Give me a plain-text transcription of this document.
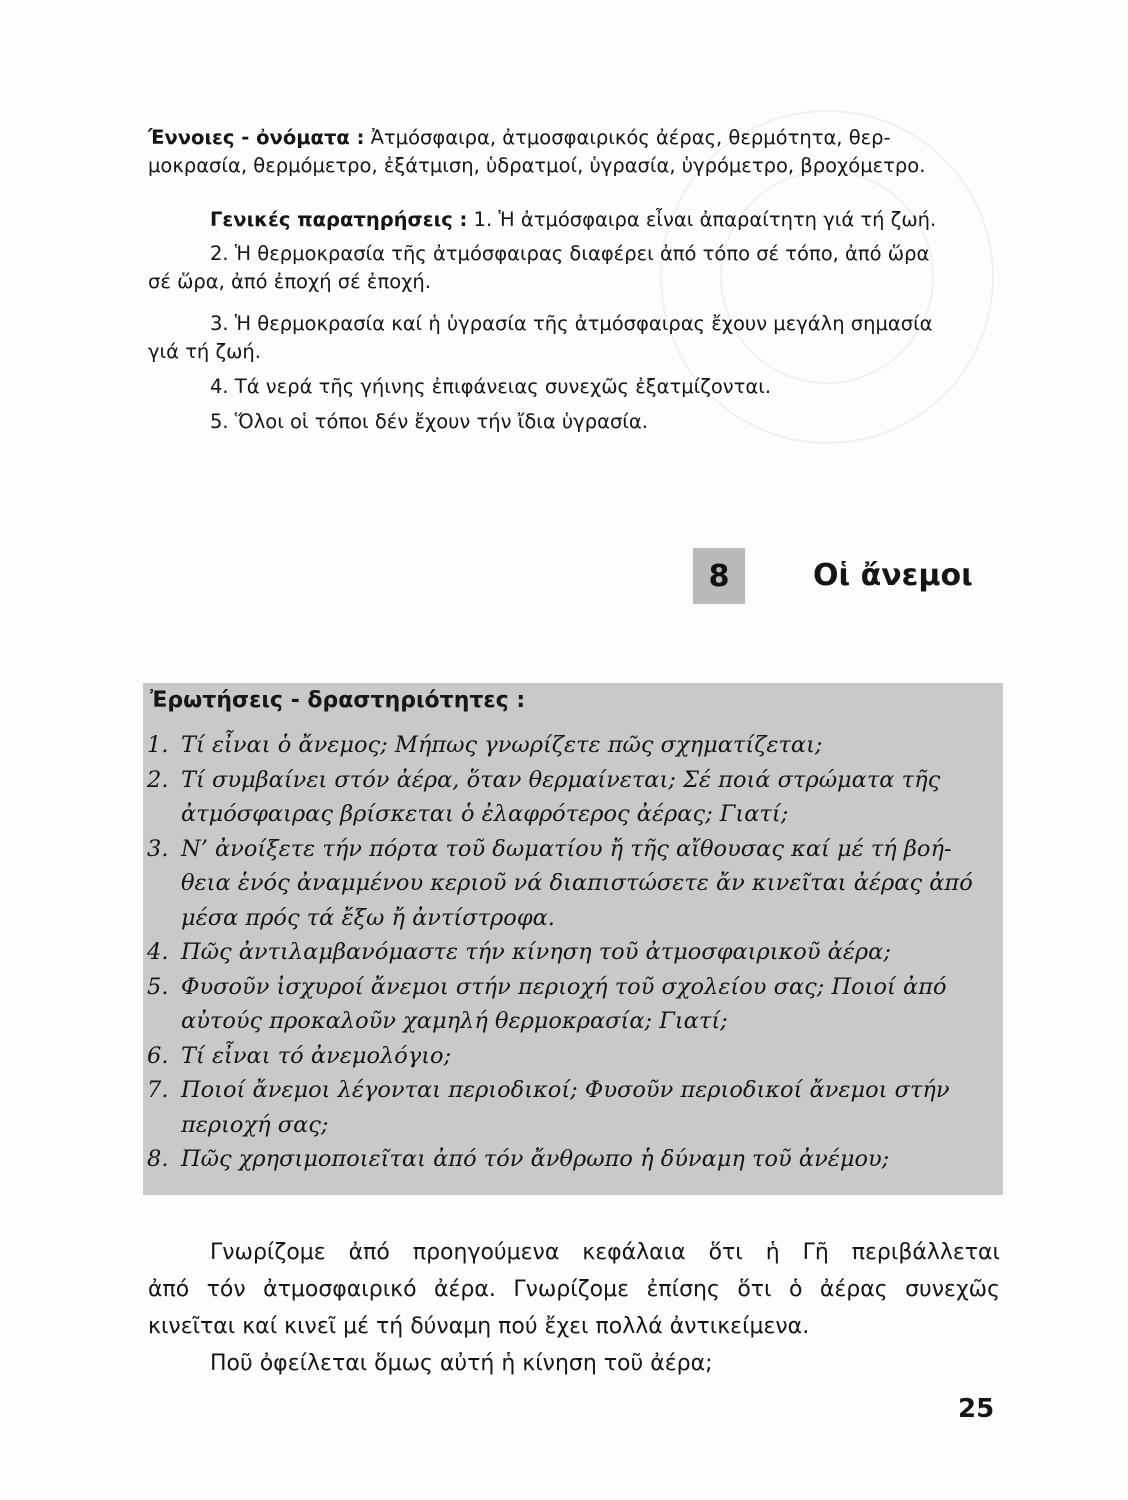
Έννοιες - ὀνόματα : Ἀτμόσφαιρα, ἀτμοσφαιρικός ἀέρας, θερμότητα, θερ-

μοκρασία, θερμόμετρο, ἐξάτμιση, ὑδρατμοί, ὑγρασία, ὑγρόμετρο, βροχόμετρο.

Γενικές παρατηρήσεις : 1. Ἡ ἀτμόσφαιρα εἶναι ἀπαραίτητη γιά τή ζωή.

2. Ἡ θερμοκρασία τῆς ἀτμόσφαιρας διαφέρει ἀπό τόπο σέ τόπο, ἀπό ὥρα

σέ ὥρα, ἀπό ἐποχή σέ ἐποχή.

3. Ἡ θερμοκρασία καί ἡ ὑγρασία τῆς ἀτμόσφαιρας ἔχουν μεγάλη σημασία

γιά τή ζωή.

4. Τά νερά τῆς γήινης ἐπιφάνειας συνεχῶς ἐξατμίζονται.

5. Ὅλοι οἱ τόποι δέν ἔχουν τήν ἴδια ὑγρασία.

8	Οἱ ἄνεμοι
Ἐρωτήσεις - δραστηριότητες :
1. Τί εἶναι ὁ ἄνεμος; Μήπως γνωρίζετε πῶς σχηματίζεται;
2. Τί συμβαίνει στόν ἀέρα, ὅταν θερμαίνεται; Σέ ποιά στρώματα τῆς
ἀτμόσφαιρας βρίσκεται ὁ ἐλαφρότερος ἀέρας; Γιατί;
3. Ν’ ἀνοίξετε τήν πόρτα τοῦ δωματίου ἤ τῆς αἴθουσας καί μέ τή βοή-
θεια ἑνός ἀναμμένου κεριοῦ νά διαπιστώσετε ἄν κινεῖται ἀέρας ἀπό
μέσα πρός τά ἔξω ἤ ἀντίστροφα.
4. Πῶς ἀντιλαμβανόμαστε τήν κίνηση τοῦ ἀτμοσφαιρικοῦ ἀέρα;
5. Φυσοῦν ἰσχυροί ἄνεμοι στήν περιοχή τοῦ σχολείου σας; Ποιοί ἀπό
αὐτούς προκαλοῦν χαμηλή θερμοκρασία; Γιατί;
6. Τί εἶναι τό ἀνεμολόγιο;
7. Ποιοί ἄνεμοι λέγονται περιοδικοί; Φυσοῦν περιοδικοί ἄνεμοι στήν
περιοχή σας;
8. Πῶς χρησιμοποιεῖται ἀπό τόν ἄνθρωπο ἡ δύναμη τοῦ ἀνέμου;

Γνωρίζομε ἀπό προηγούμενα κεφάλαια ὅτι ἡ Γῆ περιβάλλεται

ἀπό τόν ἀτμοσφαιρικό ἀέρα. Γνωρίζομε ἐπίσης ὅτι ὁ ἀέρας συνεχῶς

κινεῖται καί κινεῖ μέ τή δύναμη πού ἔχει πολλά ἀντικείμενα.

Ποῦ ὀφείλεται ὅμως αὐτή ἡ κίνηση τοῦ ἀέρα;

25
